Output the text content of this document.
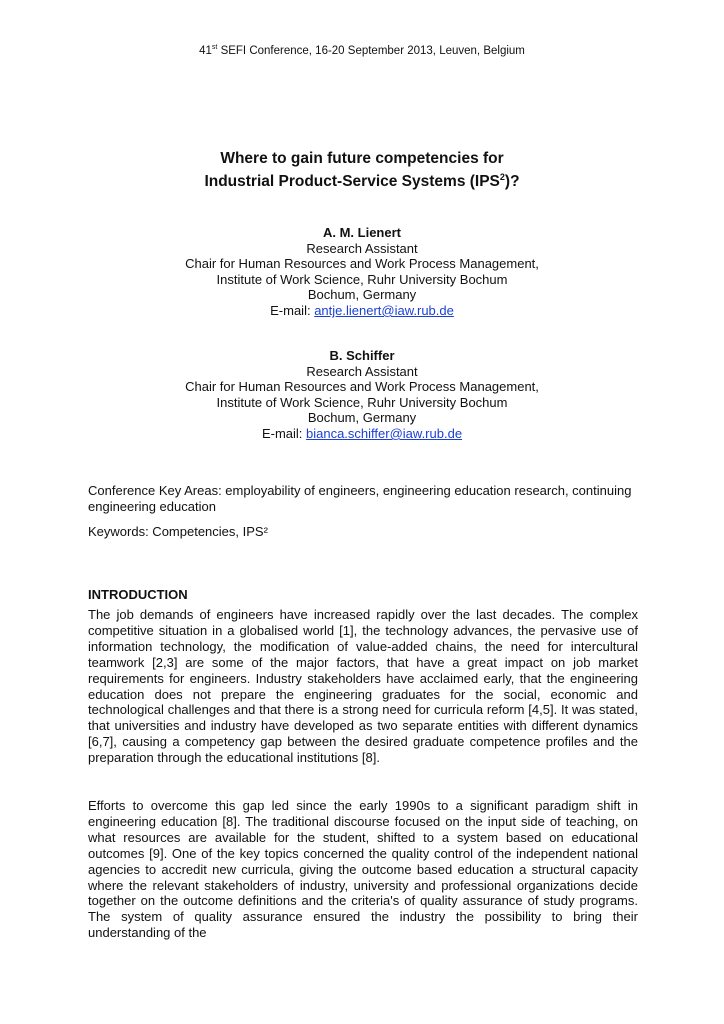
41st SEFI Conference, 16-20 September 2013, Leuven, Belgium
Where to gain future competencies for
Industrial Product-Service Systems (IPS$^2$)?
A. M. Lienert
Research Assistant
Chair for Human Resources and Work Process Management,
Institute of Work Science, Ruhr University Bochum
Bochum, Germany
E-mail: antje.lienert@iaw.rub.de
B. Schiffer
Research Assistant
Chair for Human Resources and Work Process Management,
Institute of Work Science, Ruhr University Bochum
Bochum, Germany
E-mail: bianca.schiffer@iaw.rub.de
Conference Key Areas: employability of engineers, engineering education research, continuing engineering education
Keywords: Competencies, IPS²
INTRODUCTION
The job demands of engineers have increased rapidly over the last decades. The complex competitive situation in a globalised world [1], the technology advances, the pervasive use of information technology, the modification of value-added chains, the need for intercultural teamwork [2,3] are some of the major factors, that have a great impact on job market requirements for engineers. Industry stakeholders have acclaimed early, that the engineering education does not prepare the engineering graduates for the social, economic and technological challenges and that there is a strong need for curricula reform [4,5]. It was stated, that universities and industry have developed as two separate entities with different dynamics [6,7], causing a competency gap between the desired graduate competence profiles and the preparation through the educational institutions [8].
Efforts to overcome this gap led since the early 1990s to a significant paradigm shift in engineering education [8]. The traditional discourse focused on the input side of teaching, on what resources are available for the student, shifted to a system based on educational outcomes [9]. One of the key topics concerned the quality control of the independent national agencies to accredit new curricula, giving the outcome based education a structural capacity where the relevant stakeholders of industry, university and professional organizations decide together on the outcome definitions and the criteria's of quality assurance of study programs. The system of quality assurance ensured the industry the possibility to bring their understanding of the
